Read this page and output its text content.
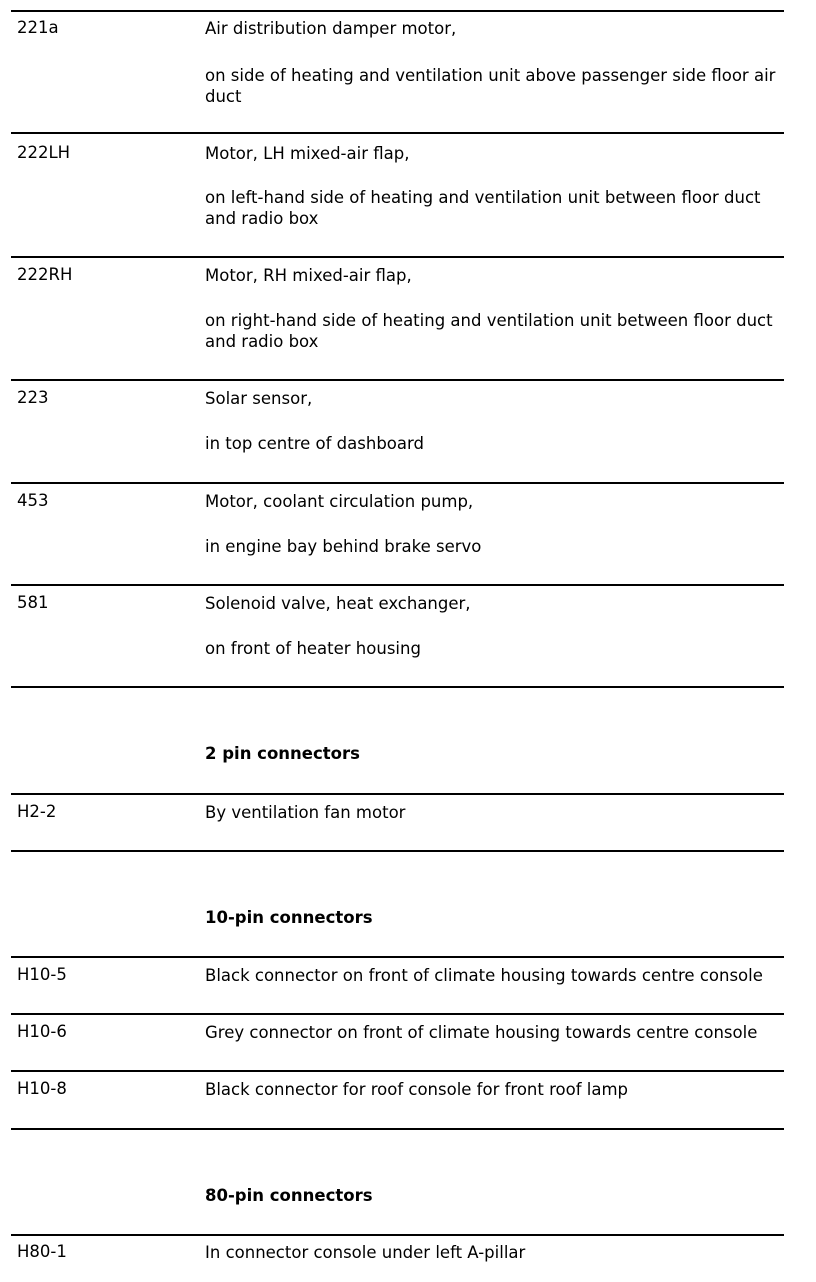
221a	Air distribution damper motor,
on side of heating and ventilation unit above passenger side floor air duct
222LH	Motor, LH mixed-air flap,
on left-hand side of heating and ventilation unit between floor duct and radio box
222RH	Motor, RH mixed-air flap,
on right-hand side of heating and ventilation unit between floor duct and radio box
223	Solar sensor,
in top centre of dashboard
453	Motor, coolant circulation pump,
in engine bay behind brake servo
581	Solenoid valve, heat exchanger,
on front of heater housing
2 pin connectors
H2-2	By ventilation fan motor
10-pin connectors
H10-5	Black connector on front of climate housing towards centre console
H10-6	Grey connector on front of climate housing towards centre console
H10-8	Black connector for roof console for front roof lamp
80-pin connectors
H80-1	In connector console under left A-pillar
